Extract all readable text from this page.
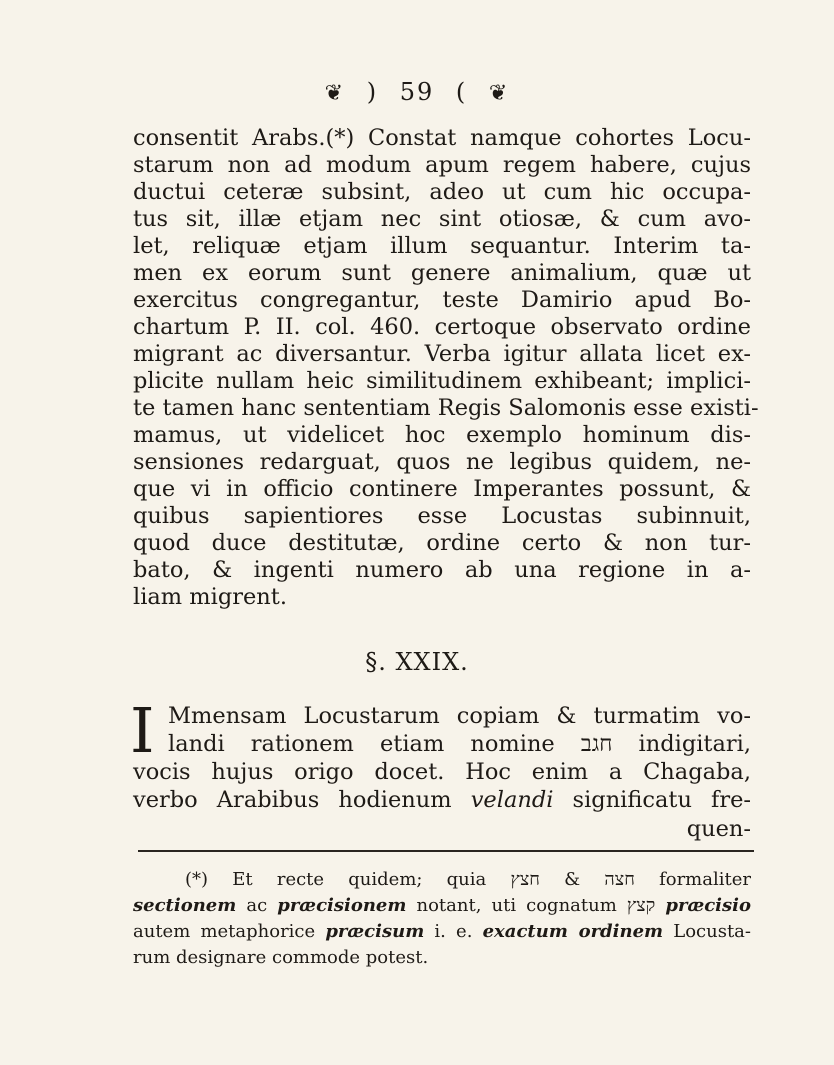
❦ ) 59 ( ❦
consentit Arabs.(*) Constat namque cohortes Locu-
starum non ad modum apum regem habere, cujus
ductui ceteræ subsint, adeo ut cum hic occupa-
tus sit, illæ etjam nec sint otiosæ, & cum avo-
let, reliquæ etjam illum sequantur. Interim ta-
men ex eorum sunt genere animalium, quæ ut
exercitus congregantur, teste Damirio apud Bo-
chartum P. II. col. 460. certoque observato ordine
migrant ac diversantur. Verba igitur allata licet ex-
plicite nullam heic similitudinem exhibeant; implici-
te tamen hanc sententiam Regis Salomonis esse existi-
mamus, ut videlicet hoc exemplo hominum dis-
sensiones redarguat, quos ne legibus quidem, ne-
que vi in officio continere Imperantes possunt, &
quibus sapientiores esse Locustas subinnuit,
quod duce destitutæ, ordine certo & non tur-
bato, & ingenti numero ab una regione in a-
liam migrent.
§. XXIX.
I Mmensam Locustarum copiam & turmatim vo-
landi rationem etiam nomine חגב indigitari,
vocis hujus origo docet. Hoc enim a Chagaba,
verbo Arabibus hodienum velandi significatu fre-
quen-
(*) Et recte quidem; quia	חצה & חצץ	formaliter
sectionem ac præcisionem notant, uti cognatum קצץ præcisio
autem metaphorice præcisum i. e. exactum ordinem Locusta-
rum designare commode potest.
